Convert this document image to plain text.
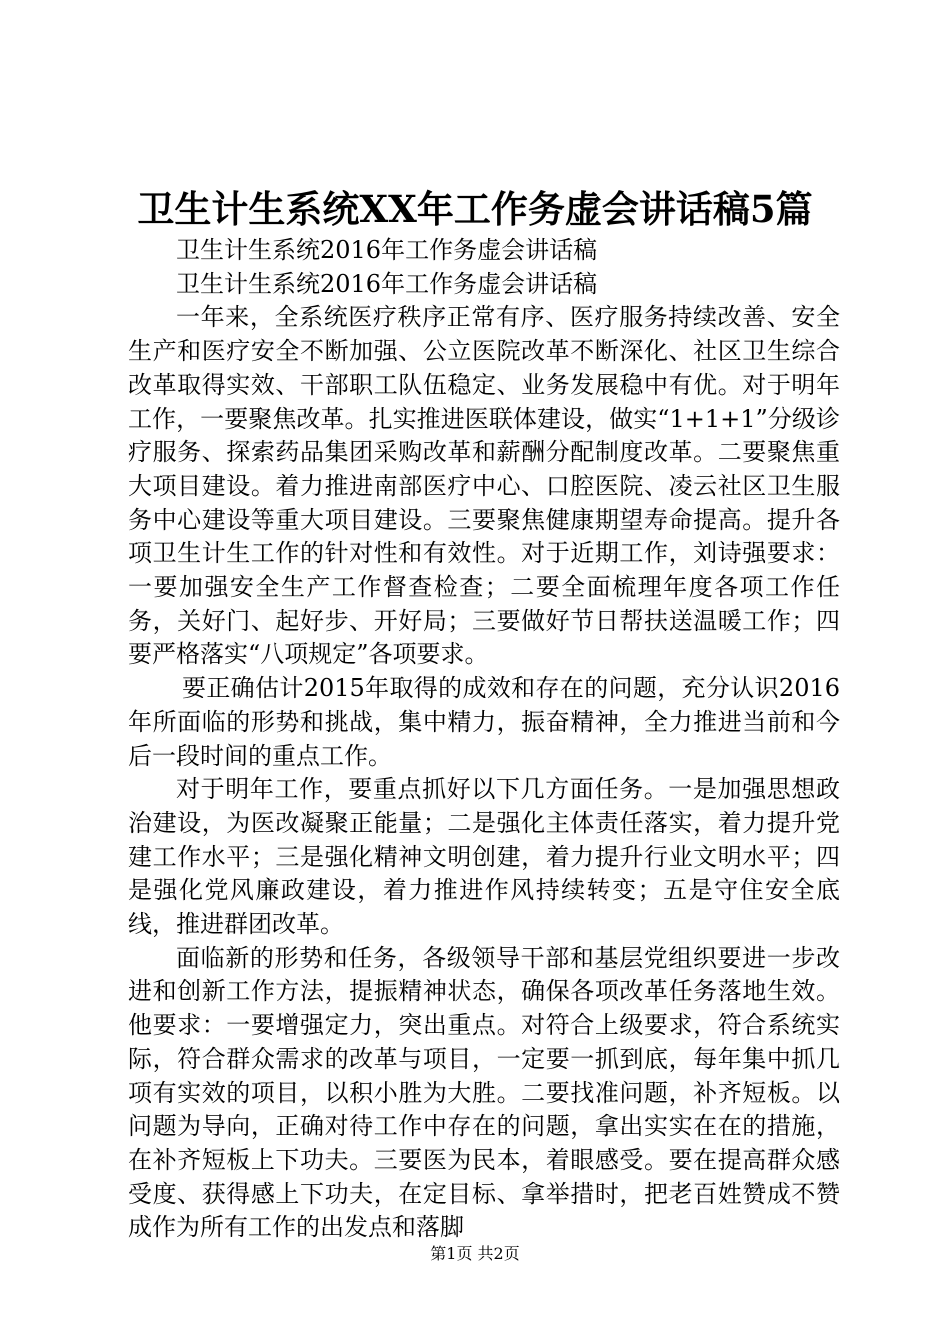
卫生计生系统XX年工作务虚会讲话稿5篇

卫生计生系统2016年工作务虚会讲话稿

卫生计生系统2016年工作务虚会讲话稿

一年来，全系统医疗秩序正常有序、医疗服务持续改善、安全生产和医疗安全不断加强、公立医院改革不断深化、社区卫生综合改革取得实效、干部职工队伍稳定、业务发展稳中有优。对于明年工作，一要聚焦改革。扎实推进医联体建设，做实“1+1+1”分级诊疗服务、探索药品集团采购改革和薪酬分配制度改革。二要聚焦重大项目建设。着力推进南部医疗中心、口腔医院、凌云社区卫生服务中心建设等重大项目建设。三要聚焦健康期望寿命提高。提升各项卫生计生工作的针对性和有效性。对于近期工作，刘诗强要求：一要加强安全生产工作督查检查；二要全面梳理年度各项工作任务，关好门、起好步、开好局；三要做好节日帮扶送温暖工作；四要严格落实“八项规定”各项要求。

要正确估计2015年取得的成效和存在的问题，充分认识2016年所面临的形势和挑战，集中精力，振奋精神，全力推进当前和今后一段时间的重点工作。

对于明年工作，要重点抓好以下几方面任务。一是加强思想政治建设，为医改凝聚正能量；二是强化主体责任落实，着力提升党建工作水平；三是强化精神文明创建，着力提升行业文明水平；四是强化党风廉政建设，着力推进作风持续转变；五是守住安全底线，推进群团改革。

面临新的形势和任务，各级领导干部和基层党组织要进一步改进和创新工作方法，提振精神状态，确保各项改革任务落地生效。他要求：一要增强定力，突出重点。对符合上级要求，符合系统实际，符合群众需求的改革与项目，一定要一抓到底，每年集中抓几项有实效的项目，以积小胜为大胜。二要找准问题，补齐短板。以问题为导向，正确对待工作中存在的问题，拿出实实在在的措施，在补齐短板上下功夫。三要医为民本，着眼感受。要在提高群众感受度、获得感上下功夫，在定目标、拿举措时，把老百姓赞成不赞成作为所有工作的出发点和落脚

第1页 共2页
